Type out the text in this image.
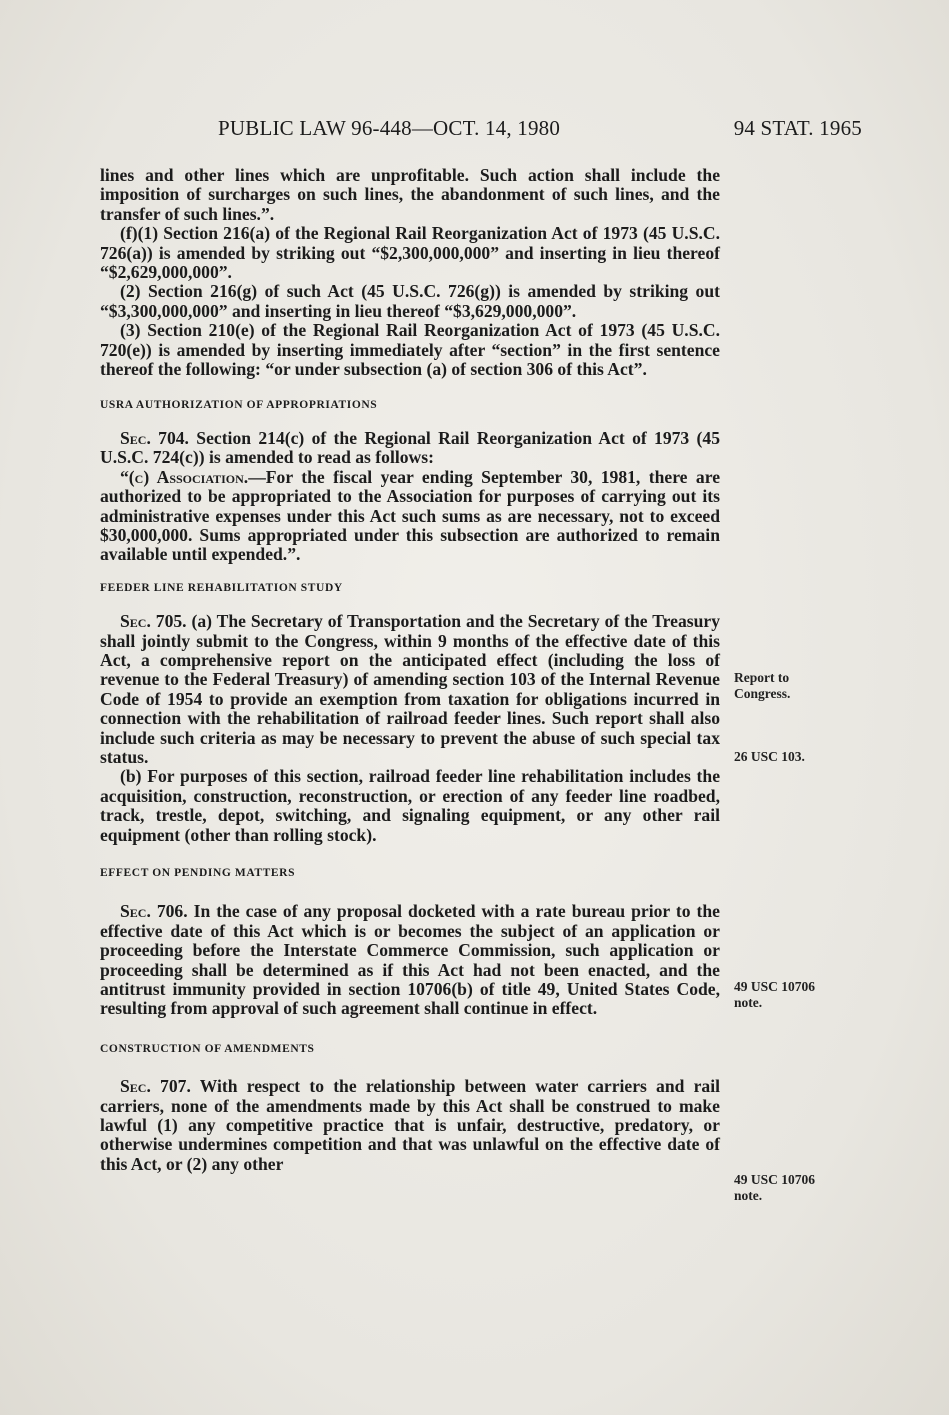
PUBLIC LAW 96-448—OCT. 14, 1980	94 STAT. 1965

lines and other lines which are unprofitable. Such action shall include the imposition of surcharges on such lines, the abandonment of such lines, and the transfer of such lines.”.

(f)(1) Section 216(a) of the Regional Rail Reorganization Act of 1973 (45 U.S.C. 726(a)) is amended by striking out “$2,300,000,000” and inserting in lieu thereof “$2,629,000,000”.

(2) Section 216(g) of such Act (45 U.S.C. 726(g)) is amended by striking out “$3,300,000,000” and inserting in lieu thereof “$3,629,000,000”.

(3) Section 210(e) of the Regional Rail Reorganization Act of 1973 (45 U.S.C. 720(e)) is amended by inserting immediately after “section” in the first sentence thereof the following: “or under subsection (a) of section 306 of this Act”.

USRA AUTHORIZATION OF APPROPRIATIONS

Sec. 704. Section 214(c) of the Regional Rail Reorganization Act of 1973 (45 U.S.C. 724(c)) is amended to read as follows:

“(c) Association.—For the fiscal year ending September 30, 1981, there are authorized to be appropriated to the Association for purposes of carrying out its administrative expenses under this Act such sums as are necessary, not to exceed $30,000,000. Sums appropriated under this subsection are authorized to remain available until expended.”.

FEEDER LINE REHABILITATION STUDY

Sec. 705. (a) The Secretary of Transportation and the Secretary of the Treasury shall jointly submit to the Congress, within 9 months of the effective date of this Act, a comprehensive report on the anticipated effect (including the loss of revenue to the Federal Treasury) of amending section 103 of the Internal Revenue Code of 1954 to provide an exemption from taxation for obligations incurred in connection with the rehabilitation of railroad feeder lines. Such report shall also include such criteria as may be necessary to prevent the abuse of such special tax status.

(b) For purposes of this section, railroad feeder line rehabilitation includes the acquisition, construction, reconstruction, or erection of any feeder line roadbed, track, trestle, depot, switching, and signaling equipment, or any other rail equipment (other than rolling stock).

EFFECT ON PENDING MATTERS

Sec. 706. In the case of any proposal docketed with a rate bureau prior to the effective date of this Act which is or becomes the subject of an application or proceeding before the Interstate Commerce Commission, such application or proceeding shall be determined as if this Act had not been enacted, and the antitrust immunity provided in section 10706(b) of title 49, United States Code, resulting from approval of such agreement shall continue in effect.

CONSTRUCTION OF AMENDMENTS

Sec. 707. With respect to the relationship between water carriers and rail carriers, none of the amendments made by this Act shall be construed to make lawful (1) any competitive practice that is unfair, destructive, predatory, or otherwise undermines competition and that was unlawful on the effective date of this Act, or (2) any other

Report to
Congress.
26 USC 103.
49 USC 10706
note.
49 USC 10706
note.
